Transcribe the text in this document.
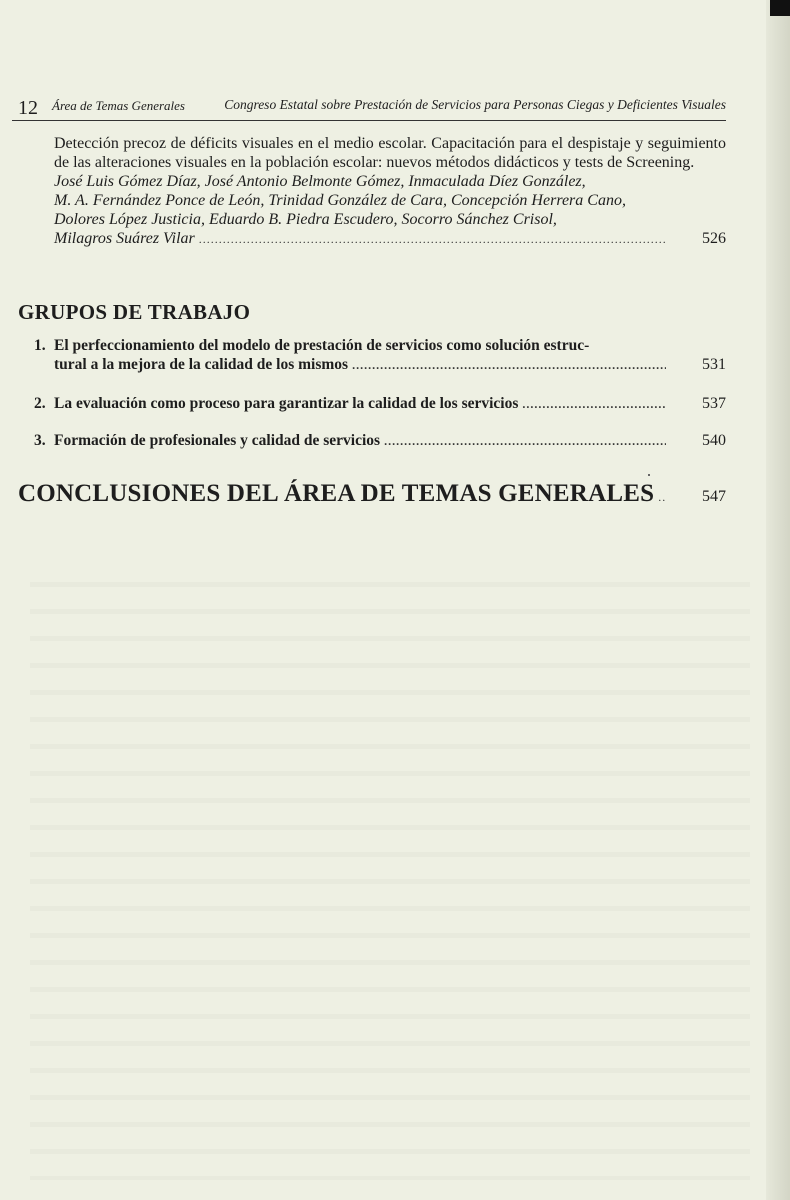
12 Área de Temas Generales	Congreso Estatal sobre Prestación de Servicios para Personas Ciegas y Deficientes Visuales

Detección precoz de déficits visuales en el medio escolar. Capacitación para el despistaje y seguimiento de las alteraciones visuales en la población escolar: nuevos métodos didácticos y tests de Screening.

José Luis Gómez Díaz, José Antonio Belmonte Gómez, Inmaculada Díez González,

M. A. Fernández Ponce de León, Trinidad González de Cara, Concepción Herrera Cano,

Dolores López Justicia, Eduardo B. Piedra Escudero, Socorro Sánchez Crisol,

Milagros Suárez Vilar .....	526
GRUPOS DE TRABAJO
1. El perfeccionamiento del modelo de prestación de servicios como solución estruc-
tural a la mejora de la calidad de los mismos .....	531
2. La evaluación como proceso para garantizar la calidad de los servicios .....	537
3. Formación de profesionales y calidad de servicios .....	540
CONCLUSIONES DEL ÁREA DE TEMAS GENERALES .....	547
